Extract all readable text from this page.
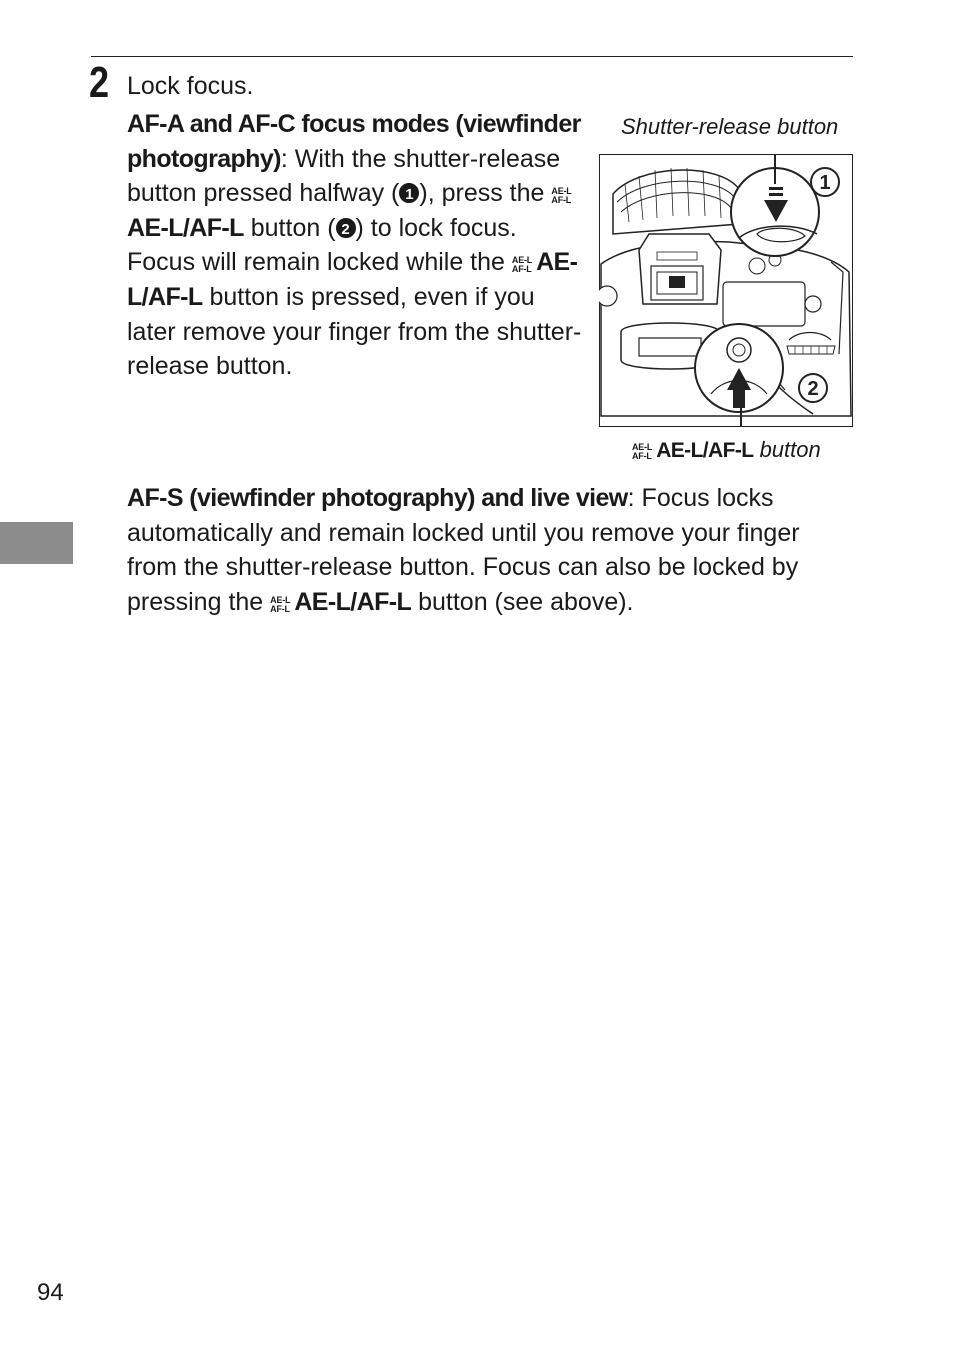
2 Lock focus.
AF-A and AF-C focus modes (viewfinder photography): With the shutter-release button pressed halfway ( 1 ), press the AE-L
AF-L
AE-L/AF-L button ( 2 ) to lock focus. Focus will remain locked while the AE-L
AF-L AE-L/AF-L button is pressed, even if you later remove your finger from the shutter-release button.
Shutter-release button
1
2
AE-L
AF-L AE-L/AF-L button
AF-S (viewfinder photography) and live view: Focus locks automatically and remain locked until you remove your finger from the shutter-release button. Focus can also be locked by pressing the AE-L
AF-L AE-L/AF-L button (see above).
94
